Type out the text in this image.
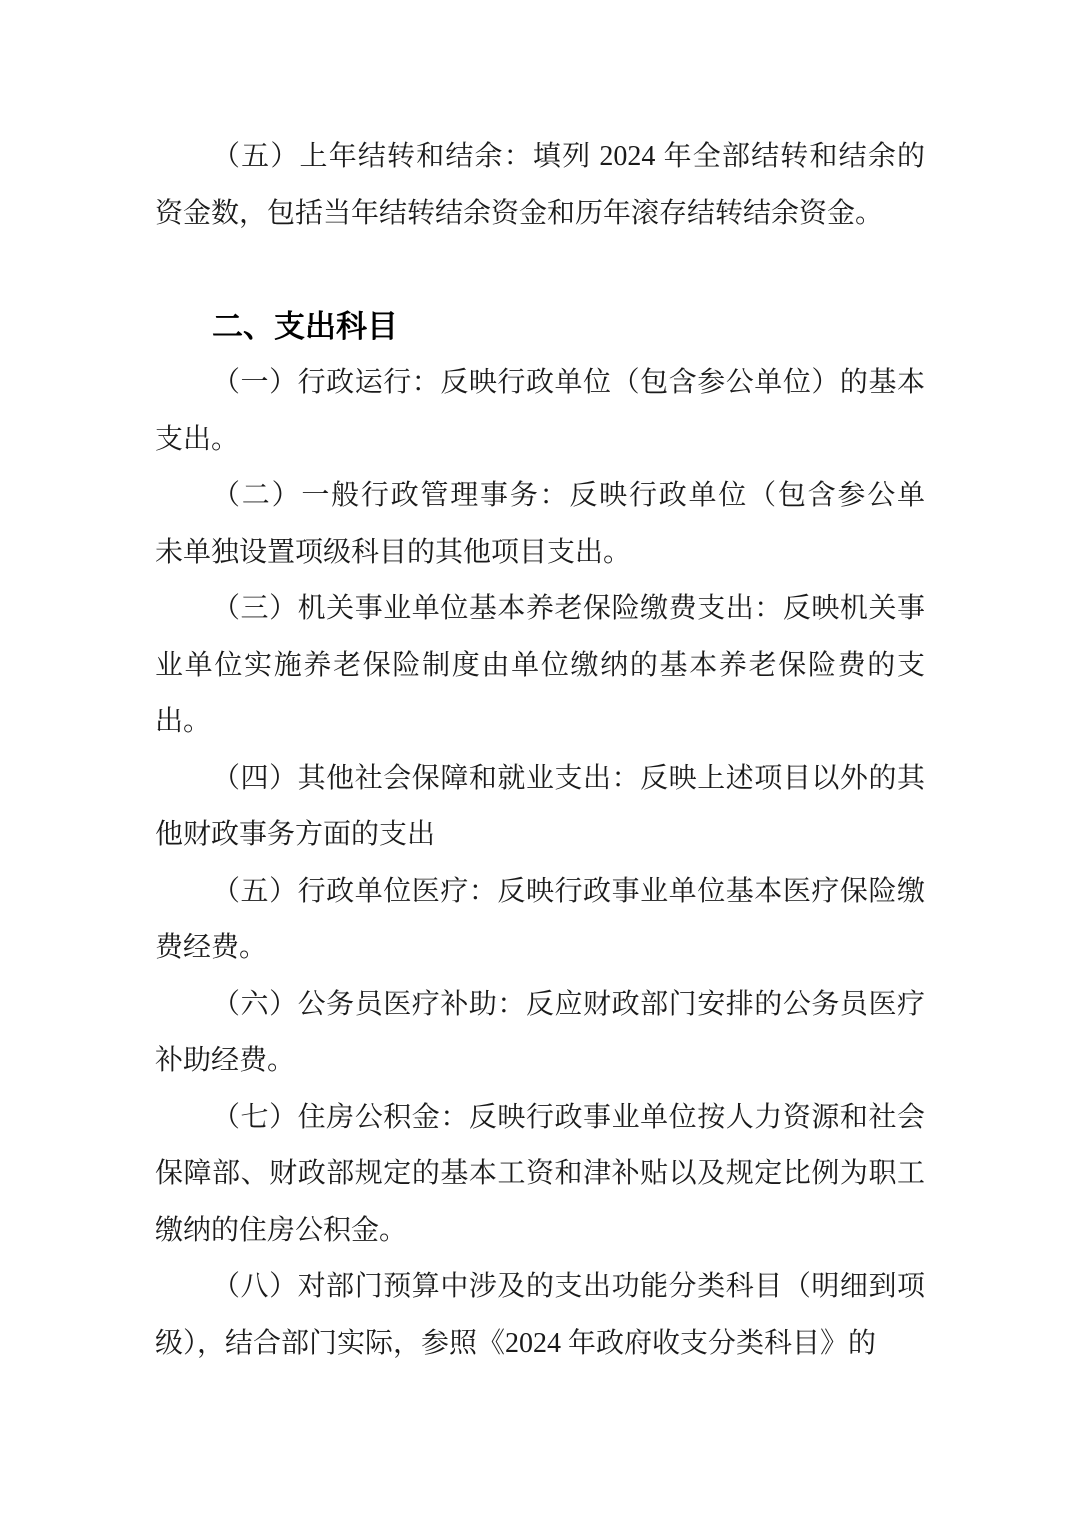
（五）上年结转和结余：填列 2024 年全部结转和结余的
资金数，包括当年结转结余资金和历年滚存结转结余资金。
二、支出科目
（一）行政运行：反映行政单位（包含参公单位）的基本
支出。
（二）一般行政管理事务：反映行政单位（包含参公单
未单独设置项级科目的其他项目支出。
（三）机关事业单位基本养老保险缴费支出：反映机关事
业单位实施养老保险制度由单位缴纳的基本养老保险费的支
出。
（四）其他社会保障和就业支出：反映上述项目以外的其
他财政事务方面的支出
（五）行政单位医疗：反映行政事业单位基本医疗保险缴
费经费。
（六）公务员医疗补助：反应财政部门安排的公务员医疗
补助经费。
（七）住房公积金：反映行政事业单位按人力资源和社会
保障部、财政部规定的基本工资和津补贴以及规定比例为职工
缴纳的住房公积金。
（八）对部门预算中涉及的支出功能分类科目（明细到项
级），结合部门实际，参照《2024 年政府收支分类科目》的
